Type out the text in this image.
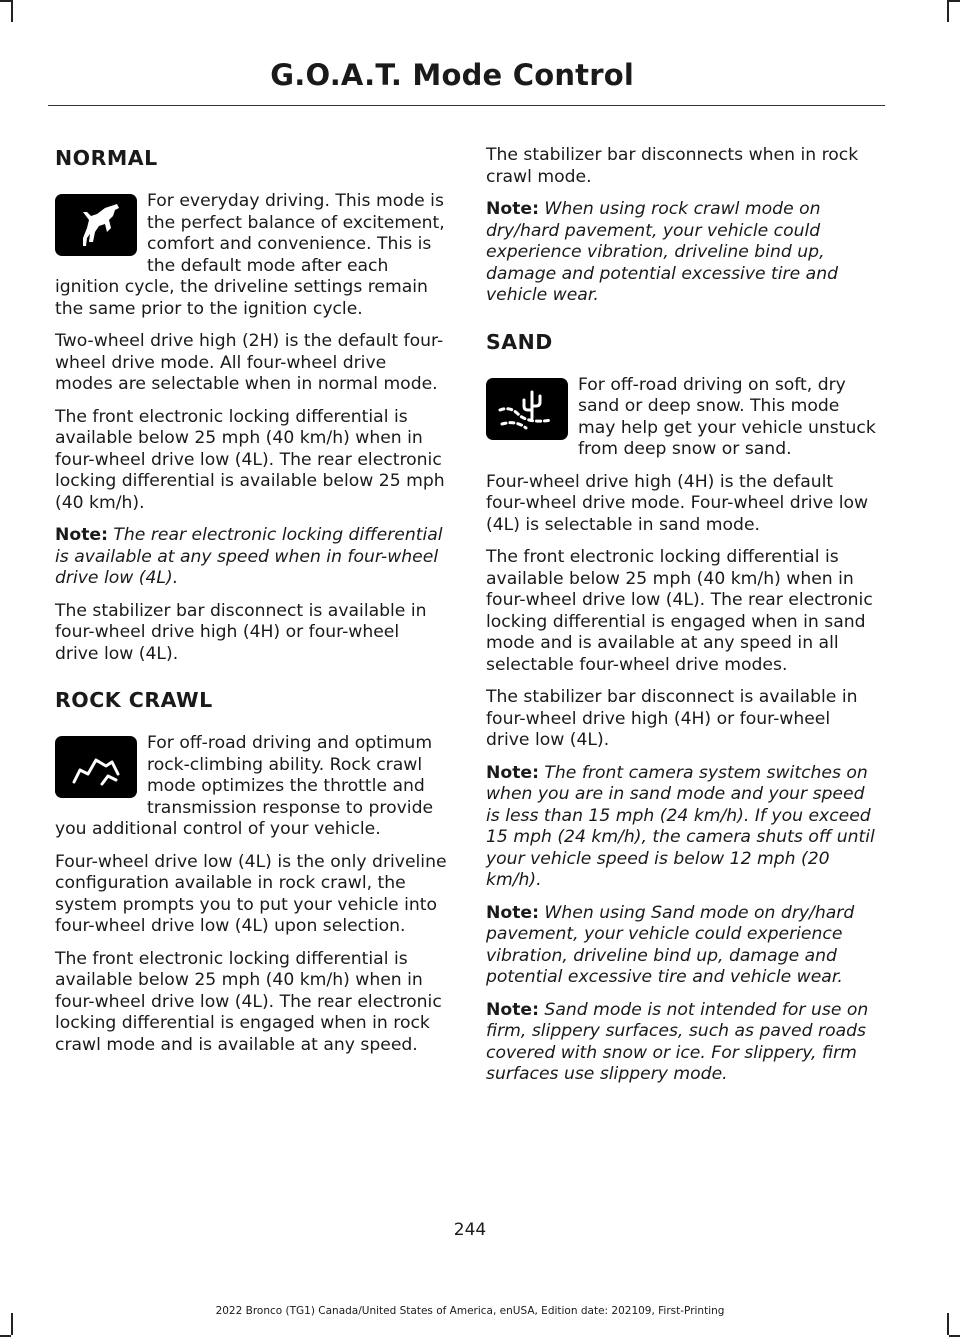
G.O.A.T. Mode Control
NORMAL

For everyday driving. This mode is the perfect balance of excitement, comfort and convenience. This is the default mode after each ignition cycle, the driveline settings remain the same prior to the ignition cycle.

Two-wheel drive high (2H) is the default four-wheel drive mode. All four-wheel drive modes are selectable when in normal mode.

The front electronic locking differential is available below 25 mph (40 km/h) when in four-wheel drive low (4L). The rear electronic locking differential is available below 25 mph (40 km/h).

Note: The rear electronic locking differential is available at any speed when in four-wheel drive low (4L).

The stabilizer bar disconnect is available in four-wheel drive high (4H) or four-wheel drive low (4L).

ROCK CRAWL

For off-road driving and optimum rock-climbing ability. Rock crawl mode optimizes the throttle and transmission response to provide you additional control of your vehicle.

Four-wheel drive low (4L) is the only driveline configuration available in rock crawl, the system prompts you to put your vehicle into four-wheel drive low (4L) upon selection.

The front electronic locking differential is available below 25 mph (40 km/h) when in four-wheel drive low (4L). The rear electronic locking differential is engaged when in rock crawl mode and is available at any speed.

The stabilizer bar disconnects when in rock crawl mode.

Note: When using rock crawl mode on dry/hard pavement, your vehicle could experience vibration, driveline bind up, damage and potential excessive tire and vehicle wear.

SAND

For off-road driving on soft, dry sand or deep snow. This mode may help get your vehicle unstuck from deep snow or sand.

Four-wheel drive high (4H) is the default four-wheel drive mode. Four-wheel drive low (4L) is selectable in sand mode.

The front electronic locking differential is available below 25 mph (40 km/h) when in four-wheel drive low (4L). The rear electronic locking differential is engaged when in sand mode and is available at any speed in all selectable four-wheel drive modes.

The stabilizer bar disconnect is available in four-wheel drive high (4H) or four-wheel drive low (4L).

Note: The front camera system switches on when you are in sand mode and your speed is less than 15 mph (24 km/h). If you exceed 15 mph (24 km/h), the camera shuts off until your vehicle speed is below 12 mph (20 km/h).

Note: When using Sand mode on dry/hard pavement, your vehicle could experience vibration, driveline bind up, damage and potential excessive tire and vehicle wear.

Note: Sand mode is not intended for use on firm, slippery surfaces, such as paved roads covered with snow or ice. For slippery, firm surfaces use slippery mode.

244
2022 Bronco (TG1) Canada/United States of America, enUSA, Edition date: 202109, First-Printing
